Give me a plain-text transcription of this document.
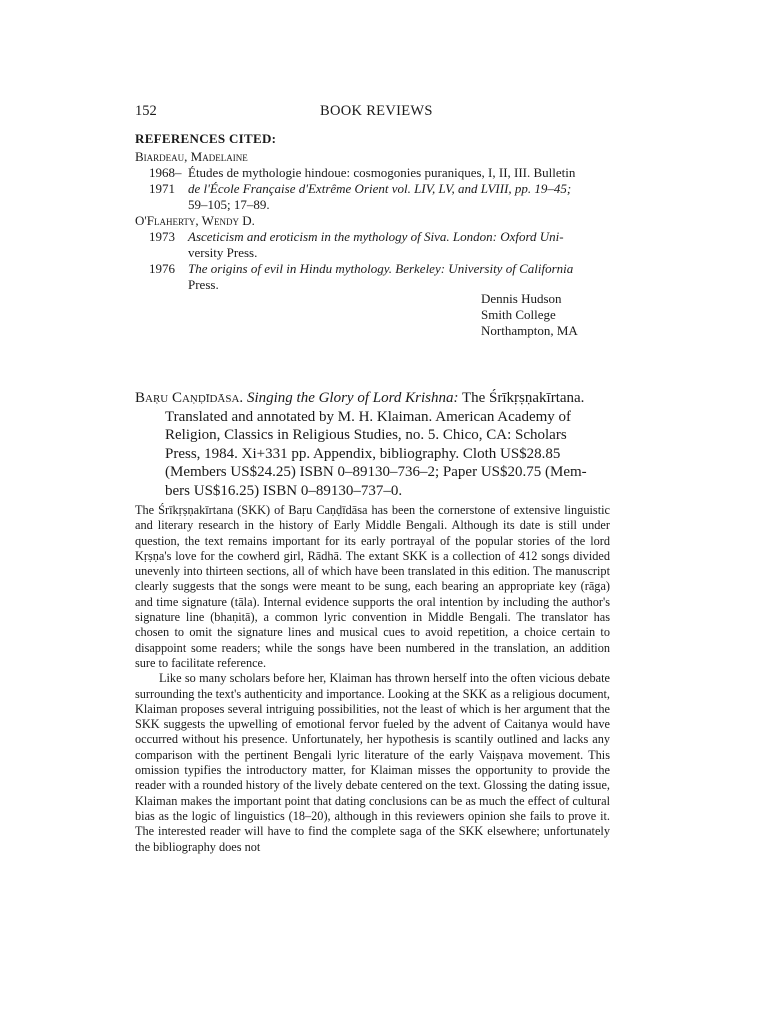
152	BOOK REVIEWS
REFERENCES CITED:
Biardeau, Madelaine
1968– Études de mythologie hindoue: cosmogonies puraniques, I, II, III. Bulletin
1971 de l'École Française d'Extrême Orient vol. LIV, LV, and LVIII, pp. 19–45;
59–105; 17–89.
O'Flaherty, Wendy D.
1973 Asceticism and eroticism in the mythology of Siva. London: Oxford Uni-
versity Press.
1976 The origins of evil in Hindu mythology. Berkeley: University of California
Press.
Dennis Hudson
Smith College
Northampton, MA
Baṛu Caṇḍīdāsa. Singing the Glory of Lord Krishna: The Śrīkṛṣṇakīrtana.
Translated and annotated by M. H. Klaiman. American Academy of
Religion, Classics in Religious Studies, no. 5. Chico, CA: Scholars
Press, 1984. Xi+331 pp. Appendix, bibliography. Cloth US$28.85
(Members US$24.25) ISBN 0–89130–736–2; Paper US$20.75 (Mem-
bers US$16.25) ISBN 0–89130–737–0.

The Śrīkṛṣṇakīrtana (SKK) of Baṛu Caṇḍīdāsa has been the cornerstone of extensive linguistic and literary research in the history of Early Middle Bengali. Although its date is still under question, the text remains important for its early portrayal of the popular stories of the lord Kṛṣṇa's love for the cowherd girl, Rādhā. The extant SKK is a collection of 412 songs divided unevenly into thirteen sections, all of which have been translated in this edition. The manuscript clearly suggests that the songs were meant to be sung, each bearing an appropriate key (rāga) and time signature (tāla). Internal evidence supports the oral intention by including the author's signature line (bhaṇitā), a common lyric convention in Middle Bengali. The translator has chosen to omit the signature lines and musical cues to avoid repetition, a choice certain to disappoint some readers; while the songs have been numbered in the translation, an addition sure to facilitate reference.

Like so many scholars before her, Klaiman has thrown herself into the often vicious debate surrounding the text's authenticity and importance. Looking at the SKK as a religious document, Klaiman proposes several intriguing possibilities, not the least of which is her argument that the SKK suggests the upwelling of emotional fervor fueled by the advent of Caitanya would have occurred without his presence. Unfortunately, her hypothesis is scantily outlined and lacks any comparison with the pertinent Bengali lyric literature of the early Vaiṣṇava movement. This omission typifies the introductory matter, for Klaiman misses the opportunity to provide the reader with a rounded history of the lively debate centered on the text. Glossing the dating issue, Klaiman makes the important point that dating conclusions can be as much the effect of cultural bias as the logic of linguistics (18–20), although in this reviewers opinion she fails to prove it. The interested reader will have to find the complete saga of the SKK elsewhere; unfortunately the bibliography does not
